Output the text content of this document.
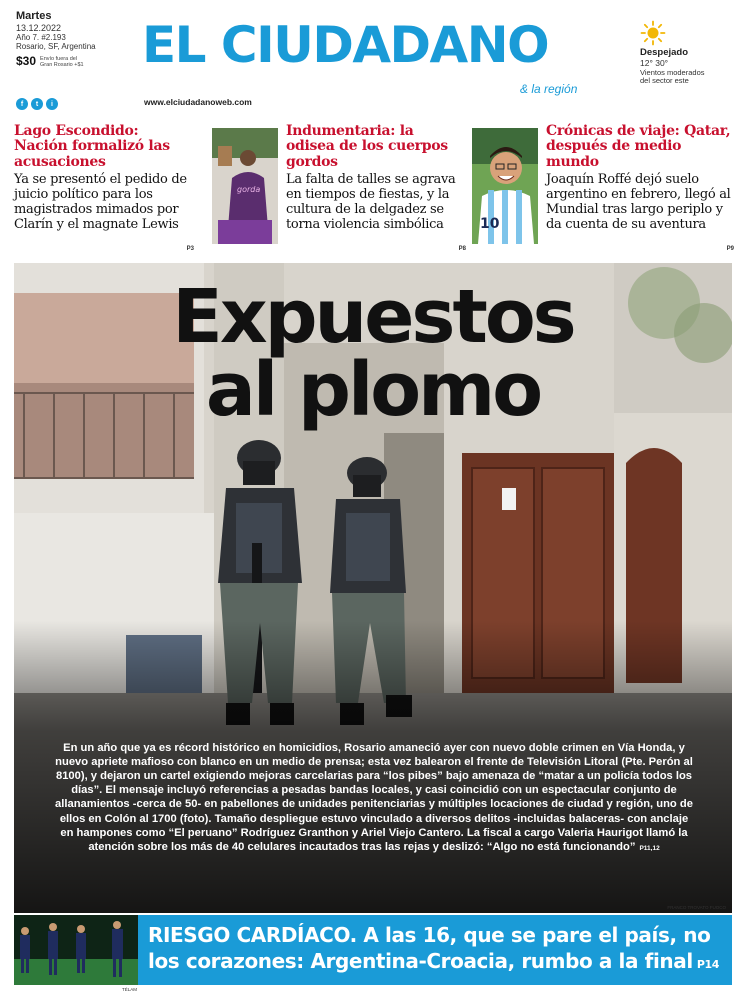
Martes
13.12.2022
Año 7. #2.193
Rosario, SF, Argentina
$30 Envío fuera del
Gran Rosario +$1
f	t	i
EL CIUDADANO
& la región
www.elciudadanoweb.com
Despejado
12° 30°
Vientos moderados
del sector este
Lago Escondido: Nación formalizó las acusaciones

Ya se presentó el pedido de juicio político para los magistrados mimados por Clarín y el magnate Lewis

P3
gorda
Indumentaria: la odisea de los cuerpos gordos

La falta de talles se agrava en tiempos de fiestas, y la cultura de la delgadez se torna violencia simbólica

P8
10
Crónicas de viaje: Qatar, después de medio mundo

Joaquín Roffé dejó suelo argentino en febrero, llegó al Mundial tras largo periplo y da cuenta de su aventura

P9
Expuestos
al plomo

En un año que ya es récord histórico en homicidios, Rosario amaneció ayer con nuevo doble crimen en Vía Honda, y nuevo apriete mafioso con blanco en un medio de prensa; esta vez balearon el frente de Televisión Litoral (Pte. Perón al 8100), y dejaron un cartel exigiendo mejoras carcelarias para “los pibes” bajo amenaza de “matar a un policía todos los días”. El mensaje incluyó referencias a pesadas bandas locales, y casi coincidió con un espectacular conjunto de allanamientos -cerca de 50- en pabellones de unidades penitenciarias y múltiples locaciones de ciudad y región, uno de ellos en Colón al 1700 (foto). Tamaño despliegue estuvo vinculado a diversos delitos -incluidas balaceras- con anclaje en hampones como “El peruano” Rodríguez Granthon y Ariel Viejo Cantero. La fiscal a cargo Valeria Haurigot llamó la atención sobre los más de 40 celulares incautados tras las rejas y deslizó: “Algo no está funcionando” P11,12

FRANCO TROVATO FUOCO
RIESGO CARDÍACO. A las 16, que se pare el país, no los corazones: Argentina-Croacia, rumbo a la final P14
TÉLAM
